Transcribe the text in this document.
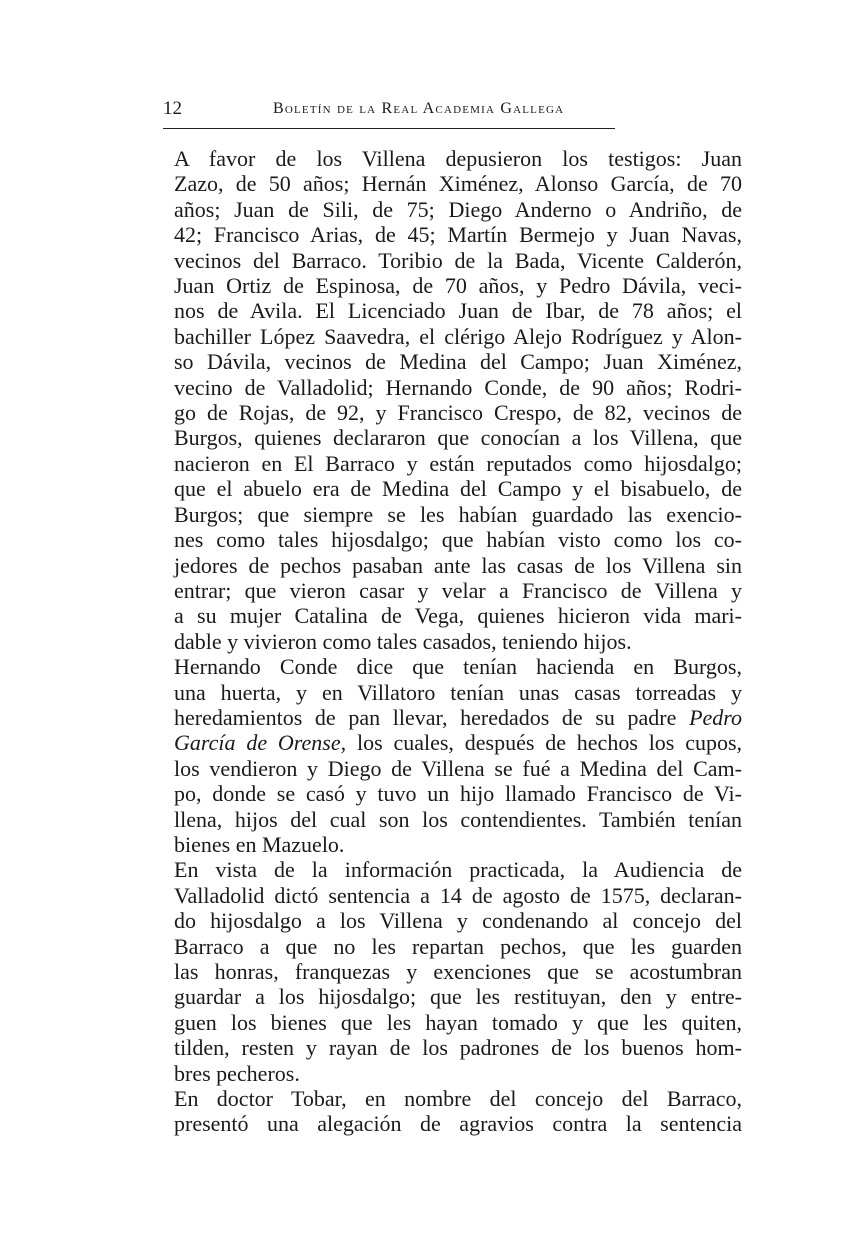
12	Boletín de la Real Academia Gallega

A favor de los Villena depusieron los testigos: Juan
Zazo, de 50 años; Hernán Ximénez, Alonso García, de 70
años; Juan de Sili, de 75; Diego Anderno o Andriño, de
42; Francisco Arias, de 45; Martín Bermejo y Juan Navas,
vecinos del Barraco. Toribio de la Bada, Vicente Calderón,
Juan Ortiz de Espinosa, de 70 años, y Pedro Dávila, veci-
nos de Avila. El Licenciado Juan de Ibar, de 78 años; el
bachiller López Saavedra, el clérigo Alejo Rodríguez y Alon-
so Dávila, vecinos de Medina del Campo; Juan Ximénez,
vecino de Valladolid; Hernando Conde, de 90 años; Rodri-
go de Rojas, de 92, y Francisco Crespo, de 82, vecinos de
Burgos, quienes declararon que conocían a los Villena, que
nacieron en El Barraco y están reputados como hijosdalgo;
que el abuelo era de Medina del Campo y el bisabuelo, de
Burgos; que siempre se les habían guardado las exencio-
nes como tales hijosdalgo; que habían visto como los co-
jedores de pechos pasaban ante las casas de los Villena sin
entrar; que vieron casar y velar a Francisco de Villena y
a su mujer Catalina de Vega, quienes hicieron vida mari-
dable y vivieron como tales casados, teniendo hijos.

Hernando Conde dice que tenían hacienda en Burgos,
una huerta, y en Villatoro tenían unas casas torreadas y
heredamientos de pan llevar, heredados de su padre Pedro
García de Orense, los cuales, después de hechos los cupos,
los vendieron y Diego de Villena se fué a Medina del Cam-
po, donde se casó y tuvo un hijo llamado Francisco de Vi-
llena, hijos del cual son los contendientes. También tenían
bienes en Mazuelo.

En vista de la información practicada, la Audiencia de
Valladolid dictó sentencia a 14 de agosto de 1575, declaran-
do hijosdalgo a los Villena y condenando al concejo del
Barraco a que no les repartan pechos, que les guarden
las honras, franquezas y exenciones que se acostumbran
guardar a los hijosdalgo; que les restituyan, den y entre-
guen los bienes que les hayan tomado y que les quiten,
tilden, resten y rayan de los padrones de los buenos hom-
bres pecheros.

En doctor Tobar, en nombre del concejo del Barraco,
presentó una alegación de agravios contra la sentencia
